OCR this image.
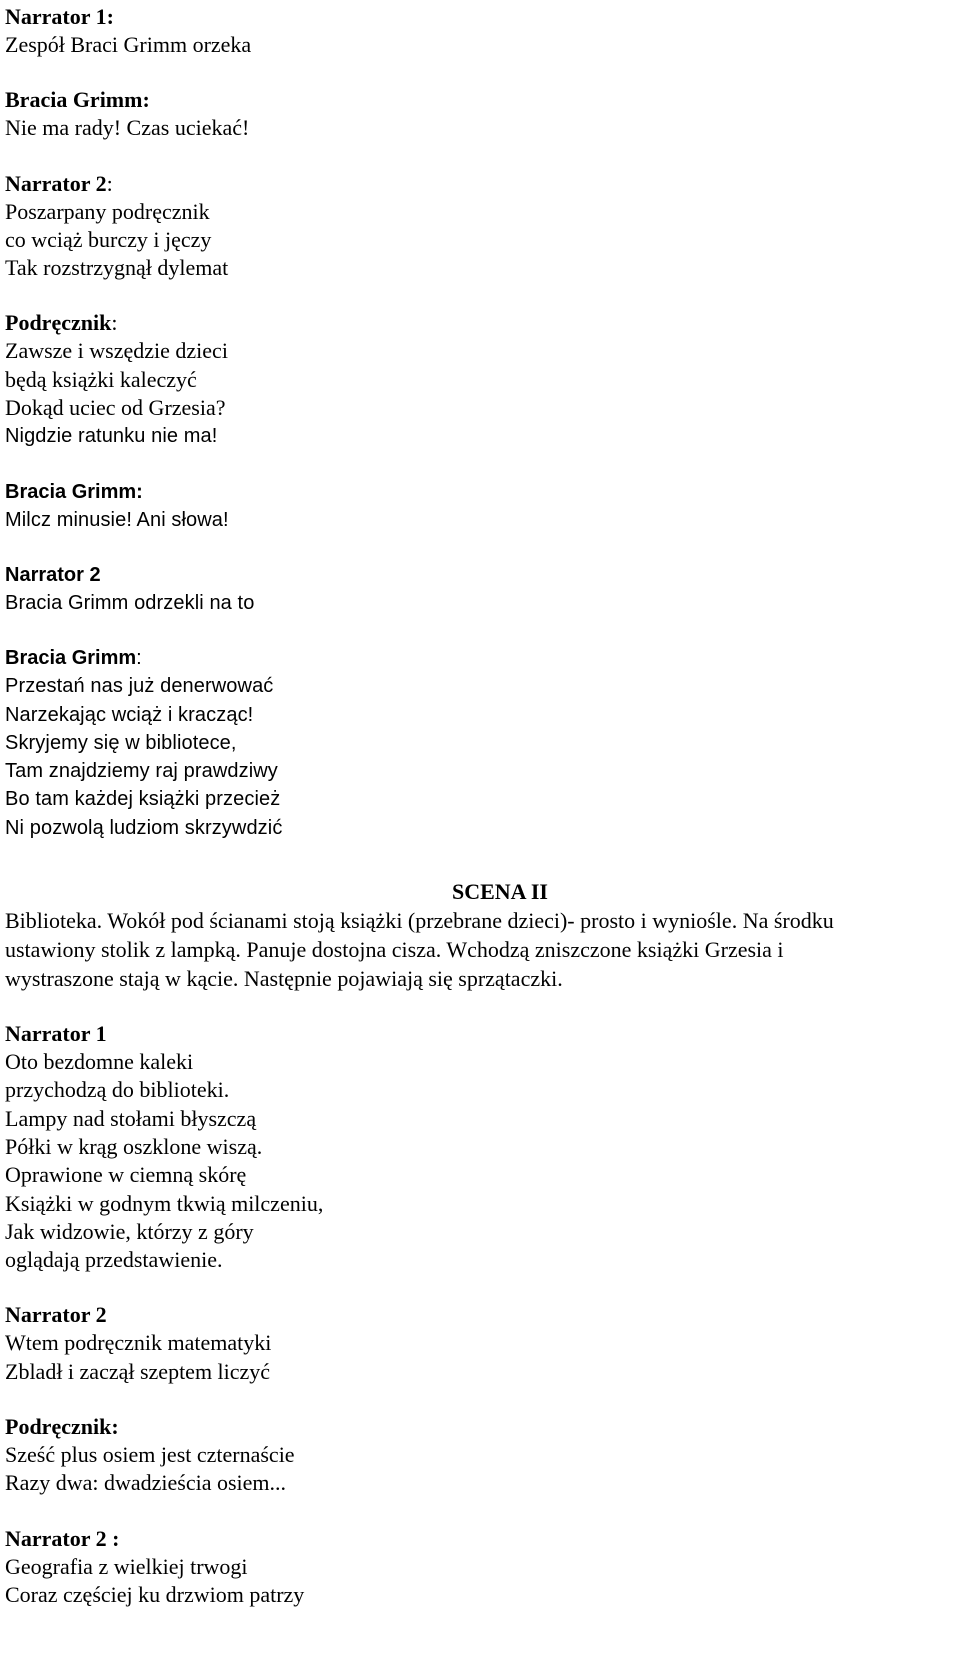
Narrator 1:
Zespół Braci Grimm orzeka
Bracia Grimm:
Nie ma rady! Czas uciekać!
Narrator 2:
Poszarpany podręcznik
co wciąż burczy i jęczy
Tak rozstrzygnął dylemat
Podręcznik:
Zawsze i wszędzie dzieci
będą książki kaleczyć
Dokąd uciec od Grzesia?
Nigdzie ratunku nie ma!
Bracia Grimm:
Milcz minusie! Ani słowa!
Narrator 2
Bracia Grimm odrzekli na to
Bracia Grimm:
Przestań nas już denerwować
Narzekając wciąż i kracząc!
Skryjemy się w bibliotece,
Tam znajdziemy raj prawdziwy
Bo tam każdej książki przecież
Ni pozwolą ludziom skrzywdzić
SCENA II
Biblioteka. Wokół pod ścianami stoją książki (przebrane dzieci)- prosto i wyniośle. Na środku
ustawiony stolik z lampką. Panuje dostojna cisza. Wchodzą zniszczone książki Grzesia i
wystraszone stają w kącie. Następnie pojawiają się sprzątaczki.
Narrator 1
Oto bezdomne kaleki
przychodzą do biblioteki.
Lampy nad stołami błyszczą
Półki w krąg oszklone wiszą.
Oprawione w ciemną skórę
Książki w godnym tkwią milczeniu,
Jak widzowie, którzy z góry
oglądają przedstawienie.
Narrator 2
Wtem podręcznik matematyki
Zbladł i zaczął szeptem liczyć
Podręcznik:
Sześć plus osiem jest czternaście
Razy dwa: dwadzieścia osiem...
Narrator 2 :
Geografia z wielkiej trwogi
Coraz częściej ku drzwiom patrzy
